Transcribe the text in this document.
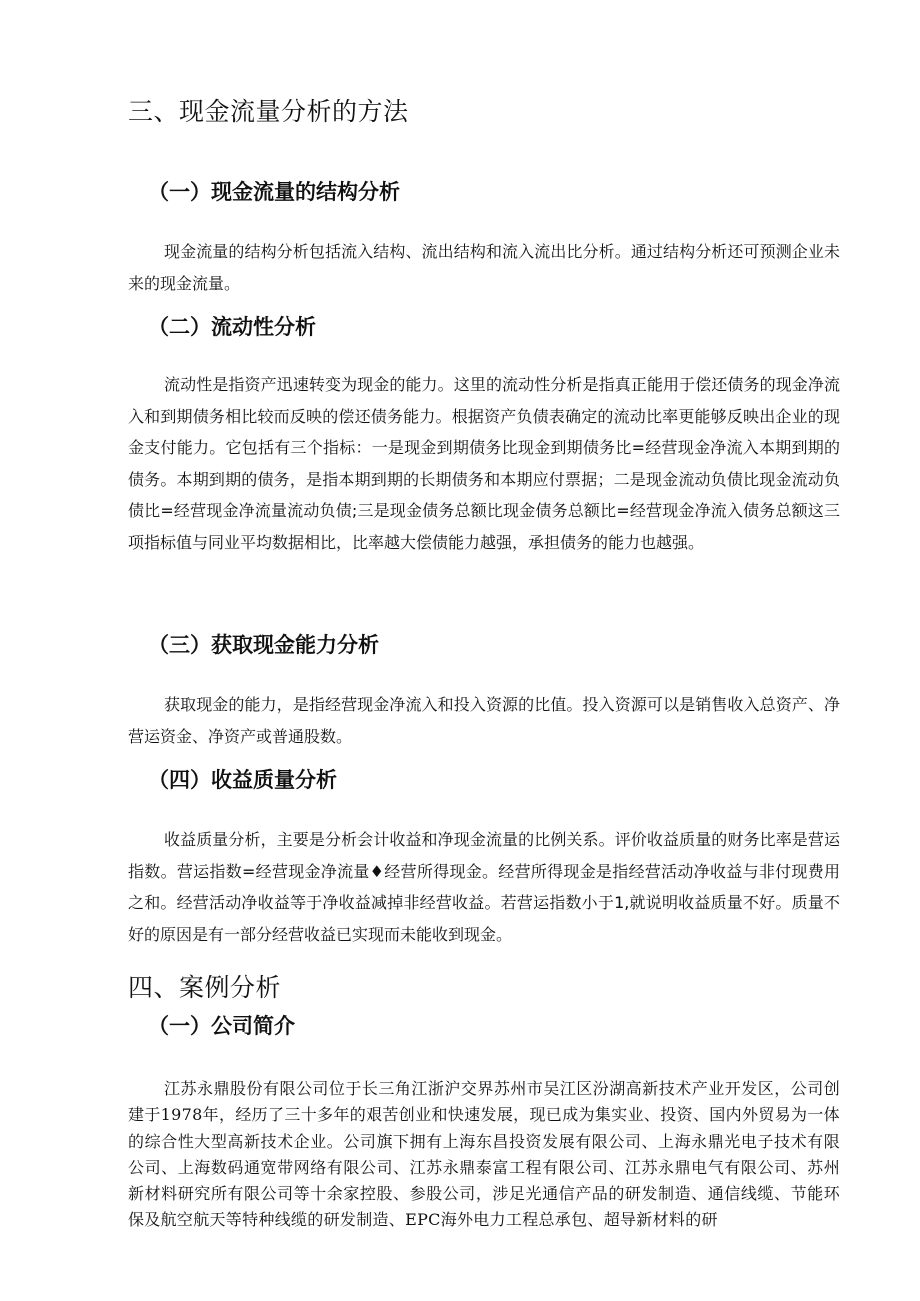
三、现金流量分析的方法
（一）现金流量的结构分析

现金流量的结构分析包括流入结构、流出结构和流入流出比分析。通过结构分析还可预测企业未来的现金流量。

（二）流动性分析

流动性是指资产迅速转变为现金的能力。这里的流动性分析是指真正能用于偿还债务的现金净流入和到期债务相比较而反映的偿还债务能力。根据资产负债表确定的流动比率更能够反映出企业的现金支付能力。它包括有三个指标：一是现金到期债务比现金到期债务比=经营现金净流入本期到期的债务。本期到期的债务，是指本期到期的长期债务和本期应付票据；二是现金流动负债比现金流动负债比=经营现金净流量流动负债;三是现金债务总额比现金债务总额比=经营现金净流入债务总额这三项指标值与同业平均数据相比，比率越大偿债能力越强，承担债务的能力也越强。

（三）获取现金能力分析

获取现金的能力，是指经营现金净流入和投入资源的比值。投入资源可以是销售收入总资产、净营运资金、净资产或普通股数。

（四）收益质量分析

收益质量分析，主要是分析会计收益和净现金流量的比例关系。评价收益质量的财务比率是营运指数。营运指数=经营现金净流量♦经营所得现金。经营所得现金是指经营活动净收益与非付现费用之和。经营活动净收益等于净收益减掉非经营收益。若营运指数小于1,就说明收益质量不好。质量不好的原因是有一部分经营收益已实现而未能收到现金。

四、案例分析
（一）公司简介

江苏永鼎股份有限公司位于长三角江浙沪交界苏州市吴江区汾湖高新技术产业开发区，公司创建于1978年，经历了三十多年的艰苦创业和快速发展，现已成为集实业、投资、国内外贸易为一体的综合性大型高新技术企业。公司旗下拥有上海东昌投资发展有限公司、上海永鼎光电子技术有限公司、上海数码通宽带网络有限公司、江苏永鼎泰富工程有限公司、江苏永鼎电气有限公司、苏州新材料研究所有限公司等十余家控股、参股公司，涉足光通信产品的研发制造、通信线缆、节能环保及航空航天等特种线缆的研发制造、EPC海外电力工程总承包、超导新材料的研
